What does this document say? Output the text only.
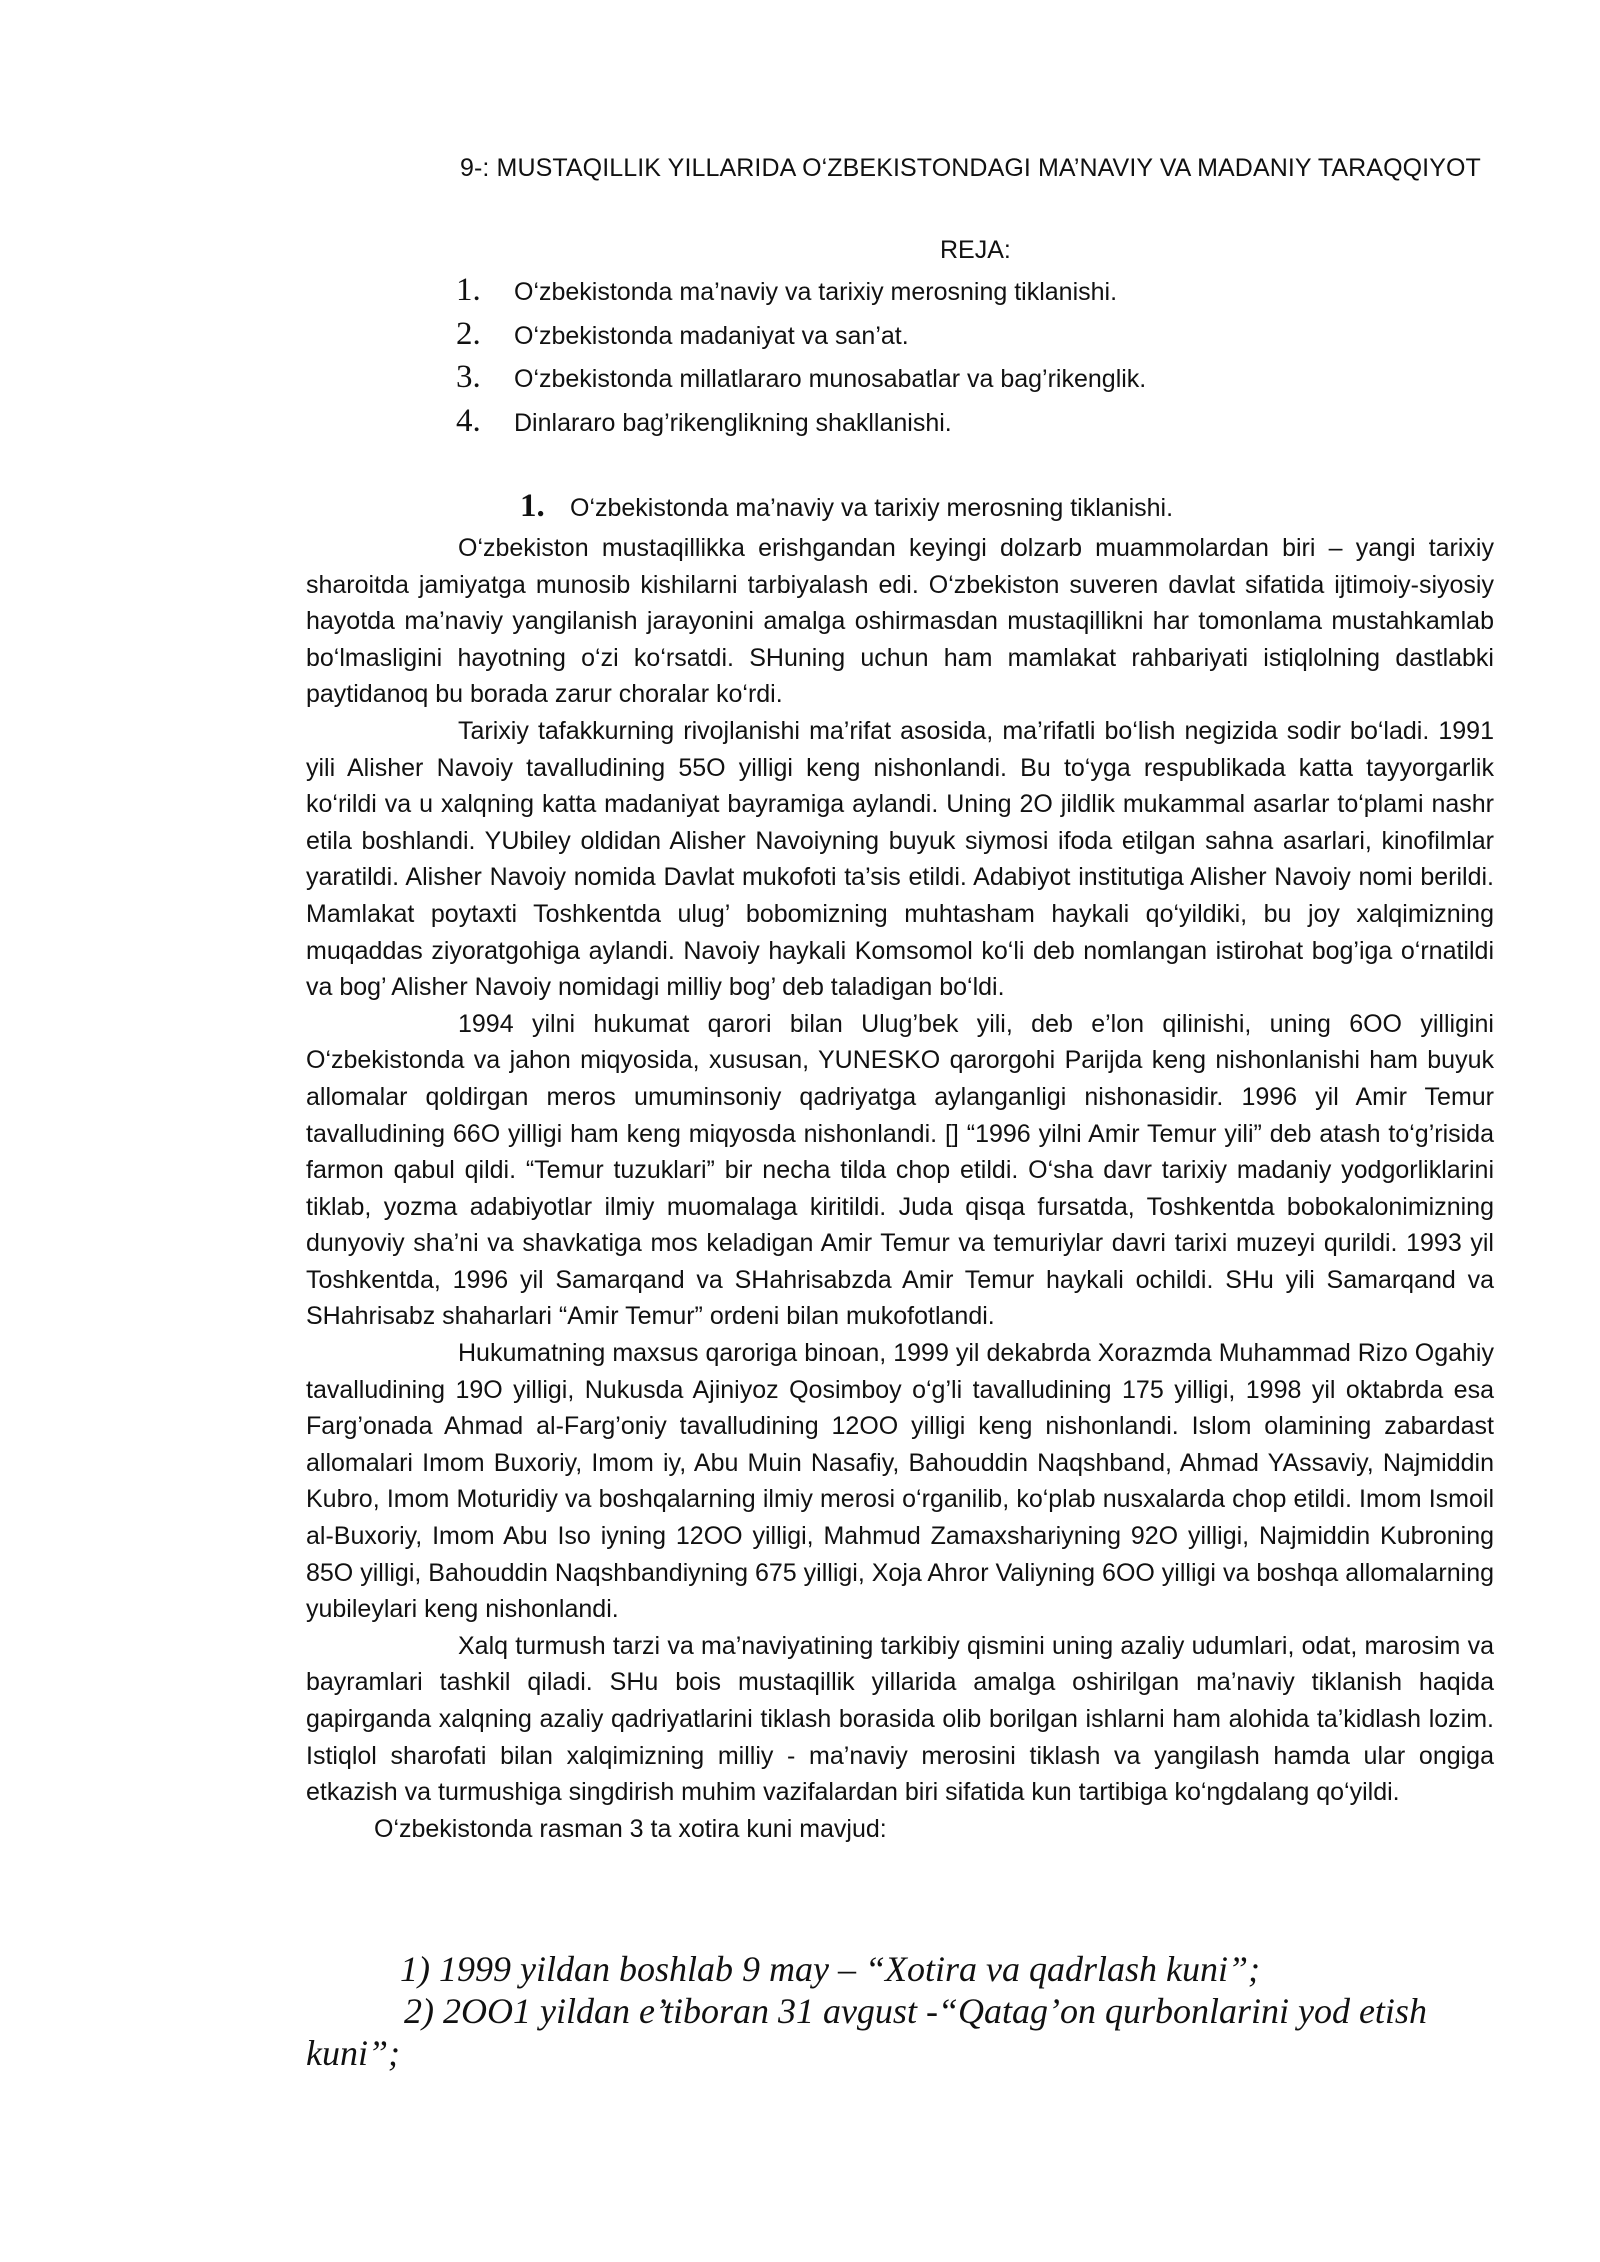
9-: MUSTAQILLIK YILLARIDA O‘ZBEKISTONDAGI MA’NAVIY VA MADANIY TARAQQIYOT
REJA:
1.	O‘zbekistonda ma’naviy va tarixiy merosning tiklanishi.
2.	O‘zbekistonda madaniyat va san’at.
3.	O‘zbekistonda millatlararo munosabatlar va bag’rikenglik.
4.	Dinlararo bag’rikenglikning shakllanishi.
1.	O‘zbekistonda ma’naviy va tarixiy merosning tiklanishi.

O‘zbekiston mustaqillikka erishgandan keyingi dolzarb muammolardan biri – yangi tarixiy sharoitda jamiyatga munosib kishilarni tarbiyalash edi. O‘zbekiston suveren davlat sifatida ijtimoiy-siyosiy hayotda ma’naviy yangilanish jarayonini amalga oshirmasdan mustaqillikni har tomonlama mustahkamlab bo‘lmasligini hayotning o‘zi ko‘rsatdi. SHuning uchun ham mamlakat rahbariyati istiqlolning dastlabki paytidanoq bu borada zarur choralar ko‘rdi.

Tarixiy tafakkurning rivojlanishi ma’rifat asosida, ma’rifatli bo‘lish negizida sodir bo‘ladi. 1991 yili Alisher Navoiy tavalludining 55O yilligi keng nishonlandi. Bu to‘yga respublikada katta tayyorgarlik ko‘rildi va u xalqning katta madaniyat bayramiga aylandi. Uning 2O jildlik mukammal asarlar to‘plami nashr etila boshlandi. YUbiley oldidan Alisher Navoiyning buyuk siymosi ifoda etilgan sahna asarlari, kinofilmlar yaratildi. Alisher Navoiy nomida Davlat mukofoti ta’sis etildi. Adabiyot institutiga Alisher Navoiy nomi berildi. Mamlakat poytaxti Toshkentda ulug’ bobomizning muhtasham haykali qo‘yildiki, bu joy xalqimizning muqaddas ziyoratgohiga aylandi. Navoiy haykali Komsomol ko‘li deb nomlangan istirohat bog’iga o‘rnatildi va bog’ Alisher Navoiy nomidagi milliy bog’ deb taladigan bo‘ldi.

1994 yilni hukumat qarori bilan Ulug’bek yili, deb e’lon qilinishi, uning 6OO yilligini O‘zbekistonda va jahon miqyosida, xususan, YUNESKO qarorgohi Parijda keng nishonlanishi ham buyuk allomalar qoldirgan meros umuminsoniy qadriyatga aylanganligi nishonasidir. 1996 yil Amir Temur tavalludining 66O yilligi ham keng miqyosda nishonlandi. [] “1996 yilni Amir Temur yili” deb atash to‘g’risida farmon qabul qildi. “Temur tuzuklari” bir necha tilda chop etildi. O‘sha davr tarixiy madaniy yodgorliklarini tiklab, yozma adabiyotlar ilmiy muomalaga kiritildi. Juda qisqa fursatda, Toshkentda bobokalonimizning dunyoviy sha’ni va shavkatiga mos keladigan Amir Temur va temuriylar davri tarixi muzeyi qurildi. 1993 yil Toshkentda, 1996 yil Samarqand va SHahrisabzda Amir Temur haykali ochildi. SHu yili Samarqand va SHahrisabz shaharlari “Amir Temur” ordeni bilan mukofotlandi.

Hukumatning maxsus qaroriga binoan, 1999 yil dekabrda Xorazmda Muhammad Rizo Ogahiy tavalludining 19O yilligi, Nukusda Ajiniyoz Qosimboy o‘g’li tavalludining 175 yilligi, 1998 yil oktabrda esa Farg’onada Ahmad al-Farg’oniy tavalludining 12OO yilligi keng nishonlandi. Islom olamining zabardast allomalari Imom Buxoriy, Imom iy, Abu Muin Nasafiy, Bahouddin Naqshband, Ahmad YAssaviy, Najmiddin Kubro, Imom Moturidiy va boshqalarning ilmiy merosi o‘rganilib, ko‘plab nusxalarda chop etildi. Imom Ismoil al-Buxoriy, Imom Abu Iso iyning 12OO yilligi, Mahmud Zamaxshariyning 92O yilligi, Najmiddin Kubroning 85O yilligi, Bahouddin Naqshbandiyning 675 yilligi, Xoja Ahror Valiyning 6OO yilligi va boshqa allomalarning yubileylari keng nishonlandi.

Xalq turmush tarzi va ma’naviyatining tarkibiy qismini uning azaliy udumlari, odat, marosim va bayramlari tashkil qiladi. SHu bois mustaqillik yillarida amalga oshirilgan ma’naviy tiklanish haqida gapirganda xalqning azaliy qadriyatlarini tiklash borasida olib borilgan ishlarni ham alohida ta’kidlash lozim. Istiqlol sharofati bilan xalqimizning milliy - ma’naviy merosini tiklash va yangilash hamda ular ongiga etkazish va turmushiga singdirish muhim vazifalardan biri sifatida kun tartibiga ko‘ngdalang qo‘yildi.

O‘zbekistonda rasman 3 ta xotira kuni mavjud:

1) 1999 yildan boshlab 9 may – “Xotira va qadrlash kuni”;

2) 2OO1 yildan e’tiboran 31 avgust -“Qatag’on qurbonlarini yod etish kuni”;
